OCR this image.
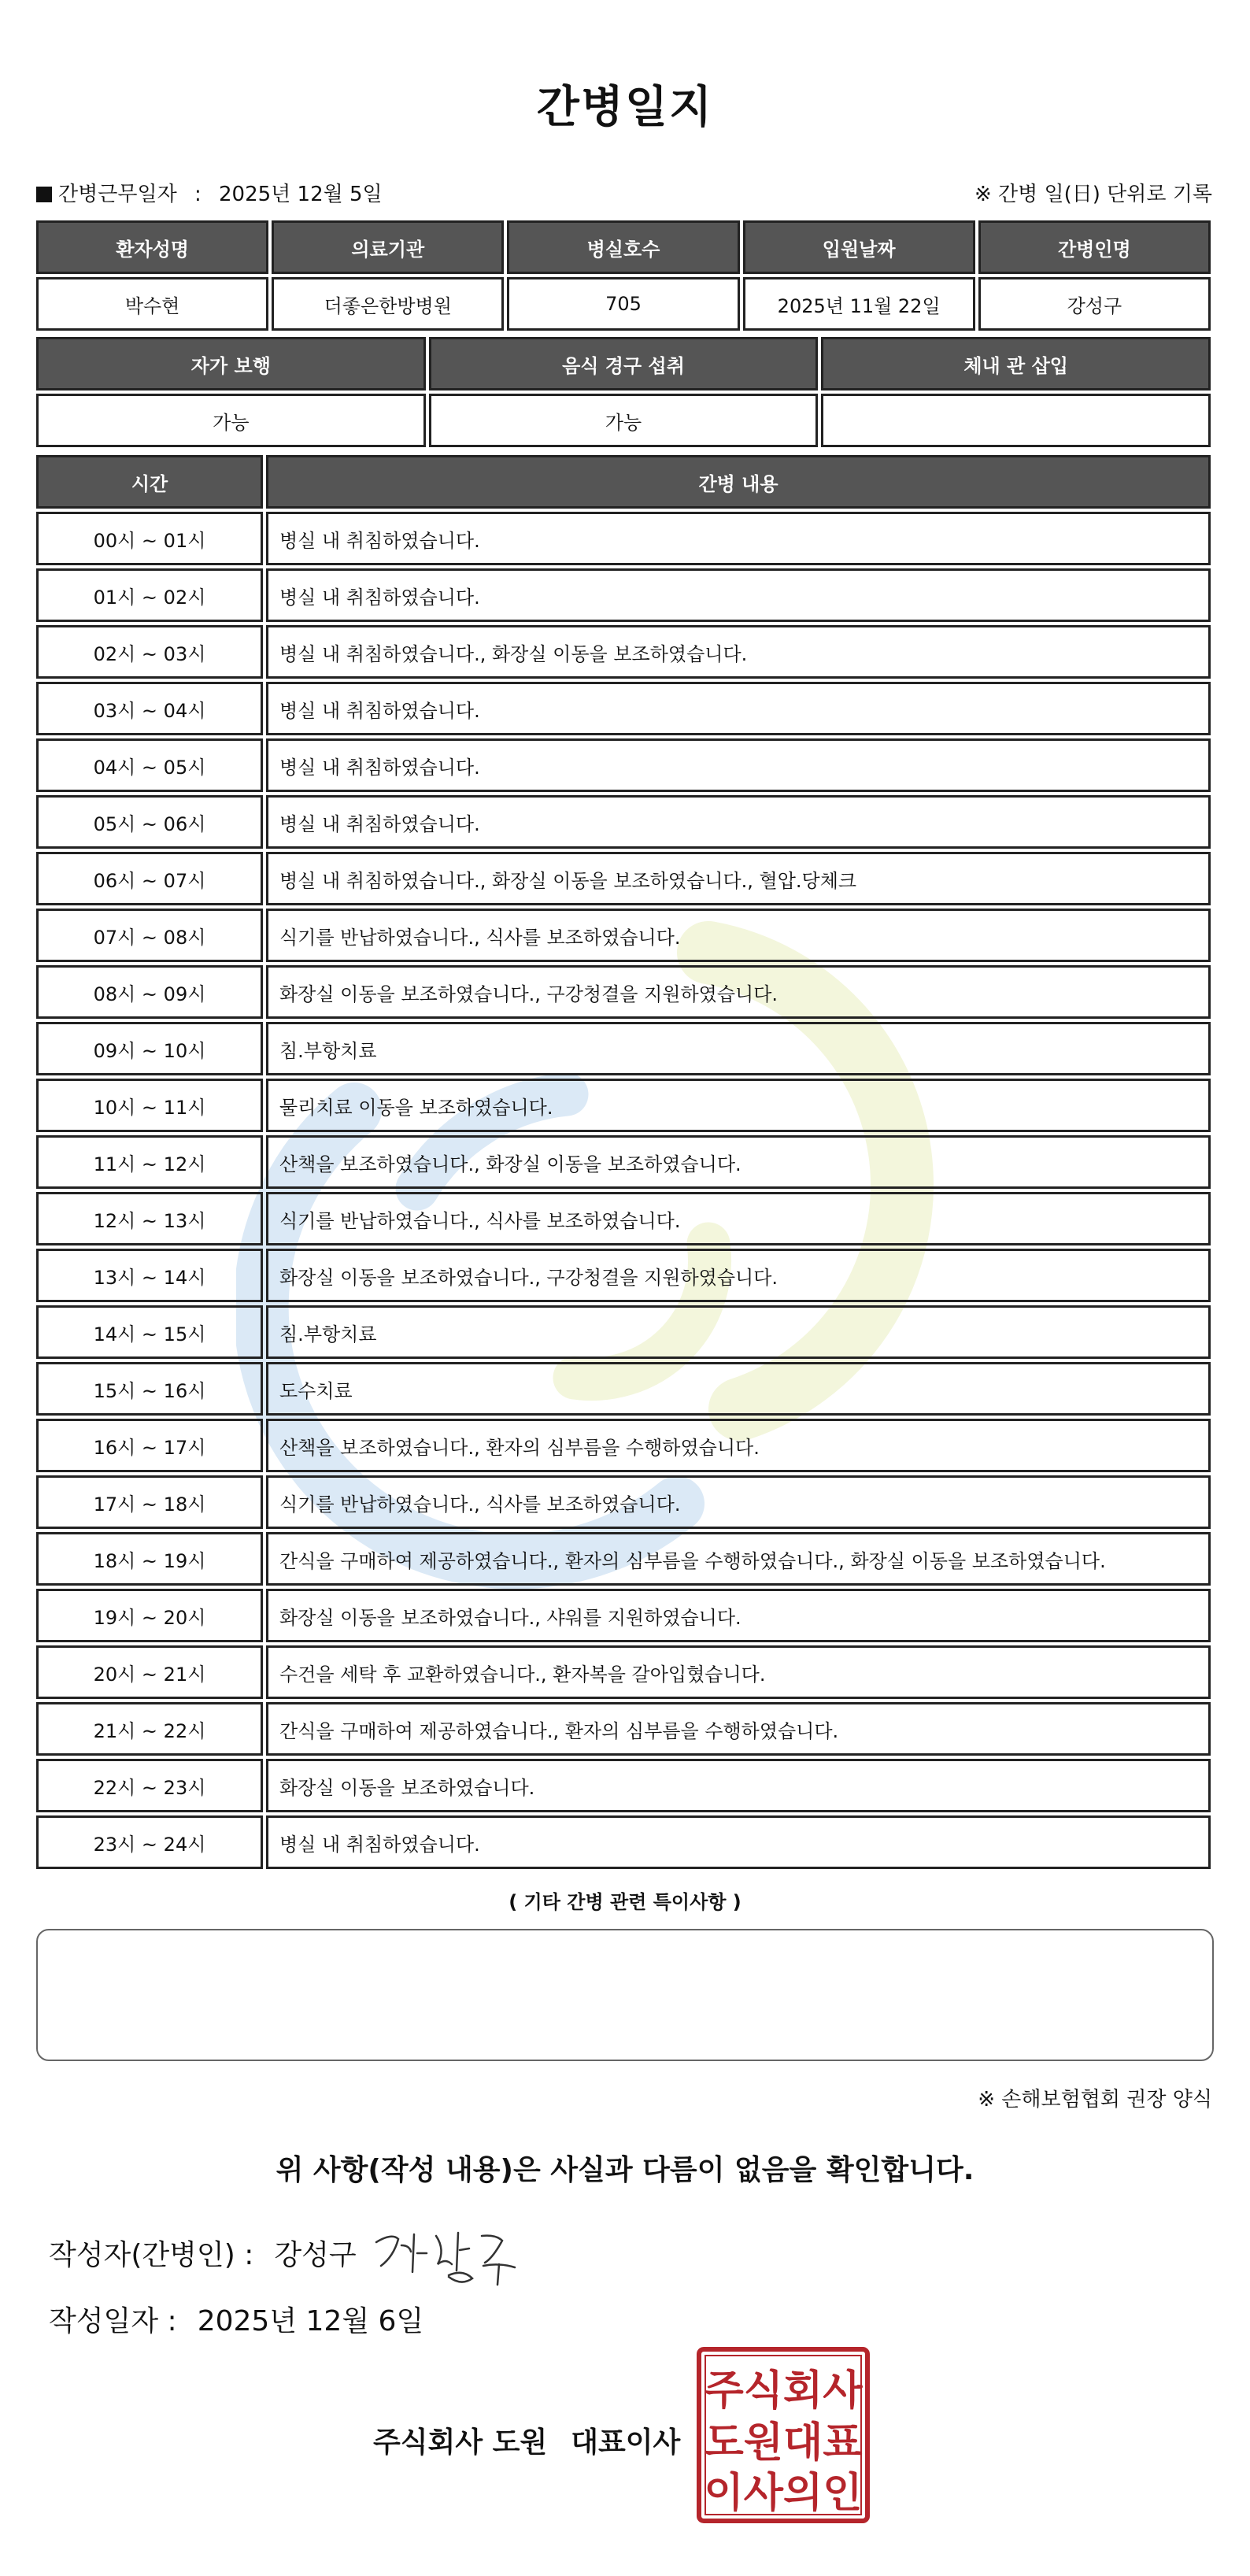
간병일지
간병근무일자 : 2025년 12월 5일	※ 간병 일(日) 단위로 기록
환자성명	의료기관	병실호수	입원날짜	간병인명
박수현	더좋은한방병원	705	2025년 11월 22일	강성구
자가 보행	음식 경구 섭취	체내 관 삽입
가능	가능	
시간	간병 내용
00시 ~ 01시	병실 내 취침하였습니다.
01시 ~ 02시	병실 내 취침하였습니다.
02시 ~ 03시	병실 내 취침하였습니다., 화장실 이동을 보조하였습니다.
03시 ~ 04시	병실 내 취침하였습니다.
04시 ~ 05시	병실 내 취침하였습니다.
05시 ~ 06시	병실 내 취침하였습니다.
06시 ~ 07시	병실 내 취침하였습니다., 화장실 이동을 보조하였습니다., 혈압.당체크
07시 ~ 08시	식기를 반납하였습니다., 식사를 보조하였습니다.
08시 ~ 09시	화장실 이동을 보조하였습니다., 구강청결을 지원하였습니다.
09시 ~ 10시	침.부항치료
10시 ~ 11시	물리치료 이동을 보조하였습니다.
11시 ~ 12시	산책을 보조하였습니다., 화장실 이동을 보조하였습니다.
12시 ~ 13시	식기를 반납하였습니다., 식사를 보조하였습니다.
13시 ~ 14시	화장실 이동을 보조하였습니다., 구강청결을 지원하였습니다.
14시 ~ 15시	침.부항치료
15시 ~ 16시	도수치료
16시 ~ 17시	산책을 보조하였습니다., 환자의 심부름을 수행하였습니다.
17시 ~ 18시	식기를 반납하였습니다., 식사를 보조하였습니다.
18시 ~ 19시	간식을 구매하여 제공하였습니다., 환자의 심부름을 수행하였습니다., 화장실 이동을 보조하였습니다.
19시 ~ 20시	화장실 이동을 보조하였습니다., 샤워를 지원하였습니다.
20시 ~ 21시	수건을 세탁 후 교환하였습니다., 환자복을 갈아입혔습니다.
21시 ~ 22시	간식을 구매하여 제공하였습니다., 환자의 심부름을 수행하였습니다.
22시 ~ 23시	화장실 이동을 보조하였습니다.
23시 ~ 24시	병실 내 취침하였습니다.
( 기타 간병 관련 특이사항 )
※ 손해보험협회 권장 양식
위 사항(작성 내용)은 사실과 다름이 없음을 확인합니다.
작성자(간병인) : 강성구
작성일자 : 2025년 12월 6일
주식회사 도원 대표이사
주식회사
도원대표
이사의인
